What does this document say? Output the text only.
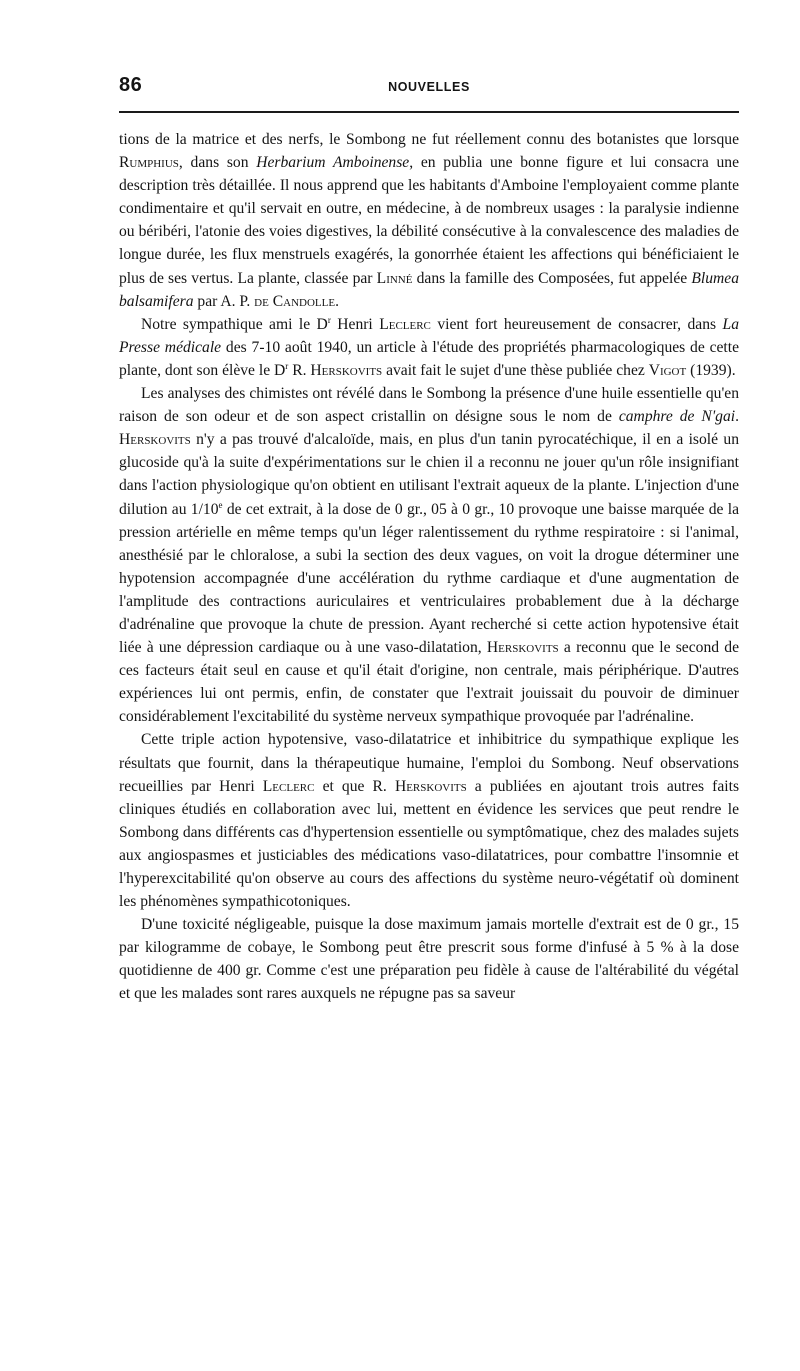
86	NOUVELLES

tions de la matrice et des nerfs, le Sombong ne fut réellement connu des botanistes que lorsque Rumphius, dans son Herbarium Amboinense, en publia une bonne figure et lui consacra une description très détaillée. Il nous apprend que les habitants d'Amboine l'employaient comme plante condimentaire et qu'il servait en outre, en médecine, à de nombreux usages : la paralysie indienne ou béribéri, l'atonie des voies digestives, la débilité consécutive à la convalescence des maladies de longue durée, les flux menstruels exagérés, la gonorrhée étaient les affections qui bénéficiaient le plus de ses vertus. La plante, classée par Linné dans la famille des Composées, fut appelée Blumea balsamifera par A. P. de Candolle.

Notre sympathique ami le $D^r$ Henri Leclerc vient fort heureusement de consacrer, dans La Presse médicale des 7-10 août 1940, un article à l'étude des propriétés pharmacologiques de cette plante, dont son élève le $D^r$ R. Herskovits avait fait le sujet d'une thèse publiée chez Vigot (1939).

Les analyses des chimistes ont révélé dans le Sombong la présence d'une huile essentielle qu'en raison de son odeur et de son aspect cristallin on désigne sous le nom de camphre de N'gai. Herskovits n'y a pas trouvé d'alcaloïde, mais, en plus d'un tanin pyrocatéchique, il en a isolé un glucoside qu'à la suite d'expérimentations sur le chien il a reconnu ne jouer qu'un rôle insignifiant dans l'action physiologique qu'on obtient en utilisant l'extrait aqueux de la plante. L'injection d'une dilution au 1/10e de cet extrait, à la dose de 0 gr., 05 à 0 gr., 10 provoque une baisse marquée de la pression artérielle en même temps qu'un léger ralentissement du rythme respiratoire : si l'animal, anesthésié par le chloralose, a subi la section des deux vagues, on voit la drogue déterminer une hypotension accompagnée d'une accélération du rythme cardiaque et d'une augmentation de l'amplitude des contractions auriculaires et ventriculaires probablement due à la décharge d'adrénaline que provoque la chute de pression. Ayant recherché si cette action hypotensive était liée à une dépression cardiaque ou à une vaso-dilatation, Herskovits a reconnu que le second de ces facteurs était seul en cause et qu'il était d'origine, non centrale, mais périphérique. D'autres expériences lui ont permis, enfin, de constater que l'extrait jouissait du pouvoir de diminuer considérablement l'excitabilité du système nerveux sympathique provoquée par l'adrénaline.

Cette triple action hypotensive, vaso-dilatatrice et inhibitrice du sympathique explique les résultats que fournit, dans la thérapeutique humaine, l'emploi du Sombong. Neuf observations recueillies par Henri Leclerc et que R. Herskovits a publiées en ajoutant trois autres faits cliniques étudiés en collaboration avec lui, mettent en évidence les services que peut rendre le Sombong dans différents cas d'hypertension essentielle ou symptômatique, chez des malades sujets aux angiospasmes et justiciables des médications vaso-dilatatrices, pour combattre l'insomnie et l'hyperexcitabilité qu'on observe au cours des affections du système neuro-végétatif où dominent les phénomènes sympathicotoniques.

D'une toxicité négligeable, puisque la dose maximum jamais mortelle d'extrait est de 0 gr., 15 par kilogramme de cobaye, le Sombong peut être prescrit sous forme d'infusé à 5 % à la dose quotidienne de 400 gr. Comme c'est une préparation peu fidèle à cause de l'altérabilité du végétal et que les malades sont rares auxquels ne répugne pas sa saveur
